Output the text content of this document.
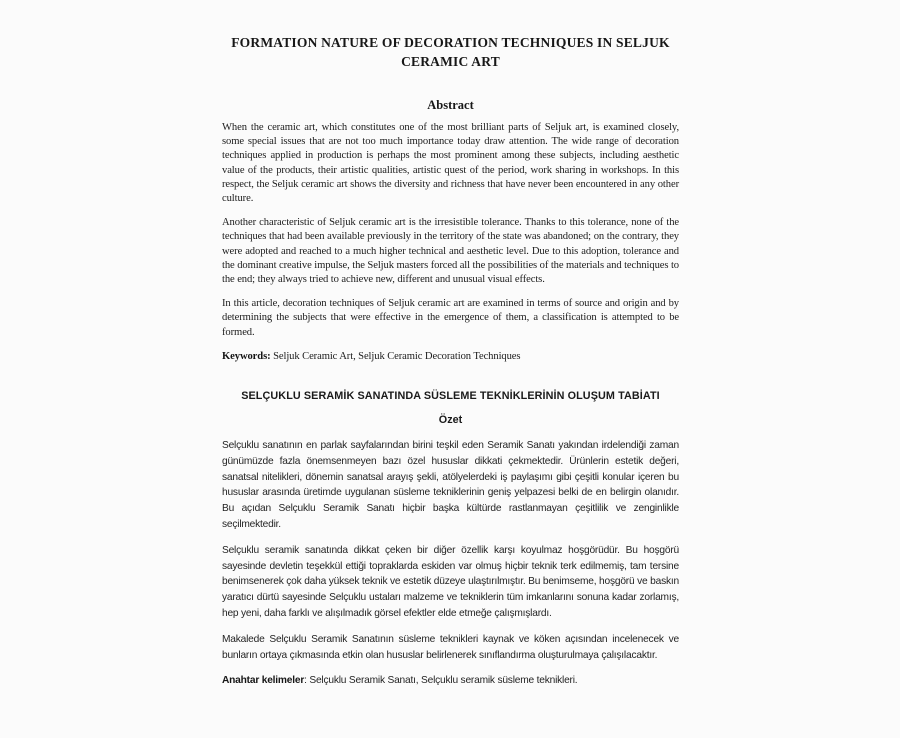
FORMATION NATURE OF DECORATION TECHNIQUES IN SELJUK CERAMIC ART
Abstract

When the ceramic art, which constitutes one of the most brilliant parts of Seljuk art, is examined closely, some special issues that are not too much importance today draw attention. The wide range of decoration techniques applied in production is perhaps the most prominent among these subjects, including aesthetic value of the products, their artistic qualities, artistic quest of the period, work sharing in workshops. In this respect, the Seljuk ceramic art shows the diversity and richness that have never been encountered in any other culture.

Another characteristic of Seljuk ceramic art is the irresistible tolerance. Thanks to this tolerance, none of the techniques that had been available previously in the territory of the state was abandoned; on the contrary, they were adopted and reached to a much higher technical and aesthetic level. Due to this adoption, tolerance and the dominant creative impulse, the Seljuk masters forced all the possibilities of the materials and techniques to the end; they always tried to achieve new, different and unusual visual effects.

In this article, decoration techniques of Seljuk ceramic art are examined in terms of source and origin and by determining the subjects that were effective in the emergence of them, a classification is attempted to be formed.

Keywords: Seljuk Ceramic Art, Seljuk Ceramic Decoration Techniques

SELÇUKLU SERAMİK SANATINDA SÜSLEME TEKNİKLERİNİN OLUŞUM TABİATI
Özet

Selçuklu sanatının en parlak sayfalarından birini teşkil eden Seramik Sanatı yakından irdelendiği zaman günümüzde fazla önemsenmeyen bazı özel hususlar dikkati çekmektedir. Ürünlerin estetik değeri, sanatsal nitelikleri, dönemin sanatsal arayış şekli, atölyelerdeki iş paylaşımı gibi çeşitli konular içeren bu hususlar arasında üretimde uygulanan süsleme tekniklerinin geniş yelpazesi belki de en belirgin olanıdır. Bu açıdan Selçuklu Seramik Sanatı hiçbir başka kültürde rastlanmayan çeşitlilik ve zenginlikle seçilmektedir.

Selçuklu seramik sanatında dikkat çeken bir diğer özellik karşı koyulmaz hoşgörüdür. Bu hoşgörü sayesinde devletin teşekkül ettiği topraklarda eskiden var olmuş hiçbir teknik terk edilmemiş, tam tersine benimsenerek çok daha yüksek teknik ve estetik düzeye ulaştırılmıştır. Bu benimseme, hoşgörü ve baskın yaratıcı dürtü sayesinde Selçuklu ustaları malzeme ve tekniklerin tüm imkanlarını sonuna kadar zorlamış, hep yeni, daha farklı ve alışılmadık görsel efektler elde etmeğe çalışmışlardı.

Makalede Selçuklu Seramik Sanatının süsleme teknikleri kaynak ve köken açısından incelenecek ve bunların ortaya çıkmasında etkin olan hususlar belirlenerek sınıflandırma oluşturulmaya çalışılacaktır.

Anahtar kelimeler: Selçuklu Seramik Sanatı, Selçuklu seramik süsleme teknikleri.
